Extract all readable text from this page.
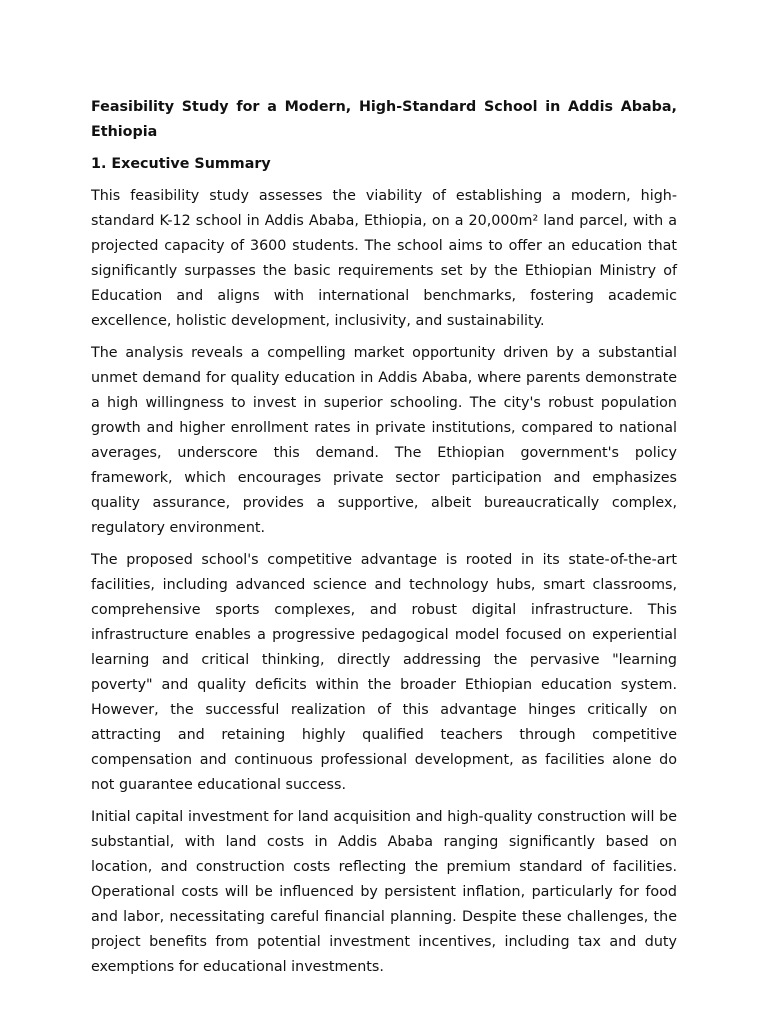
Feasibility Study for a Modern, High-Standard School in Addis Ababa, Ethiopia
1. Executive Summary

This feasibility study assesses the viability of establishing a modern, high-standard K-12 school in Addis Ababa, Ethiopia, on a 20,000m² land parcel, with a projected capacity of 3600 students. The school aims to offer an education that significantly surpasses the basic requirements set by the Ethiopian Ministry of Education and aligns with international benchmarks, fostering academic excellence, holistic development, inclusivity, and sustainability.

The analysis reveals a compelling market opportunity driven by a substantial unmet demand for quality education in Addis Ababa, where parents demonstrate a high willingness to invest in superior schooling. The city's robust population growth and higher enrollment rates in private institutions, compared to national averages, underscore this demand. The Ethiopian government's policy framework, which encourages private sector participation and emphasizes quality assurance, provides a supportive, albeit bureaucratically complex, regulatory environment.

The proposed school's competitive advantage is rooted in its state-of-the-art facilities, including advanced science and technology hubs, smart classrooms, comprehensive sports complexes, and robust digital infrastructure. This infrastructure enables a progressive pedagogical model focused on experiential learning and critical thinking, directly addressing the pervasive "learning poverty" and quality deficits within the broader Ethiopian education system. However, the successful realization of this advantage hinges critically on attracting and retaining highly qualified teachers through competitive compensation and continuous professional development, as facilities alone do not guarantee educational success.

Initial capital investment for land acquisition and high-quality construction will be substantial, with land costs in Addis Ababa ranging significantly based on location, and construction costs reflecting the premium standard of facilities. Operational costs will be influenced by persistent inflation, particularly for food and labor, necessitating careful financial planning. Despite these challenges, the project benefits from potential investment incentives, including tax and duty exemptions for educational investments.
